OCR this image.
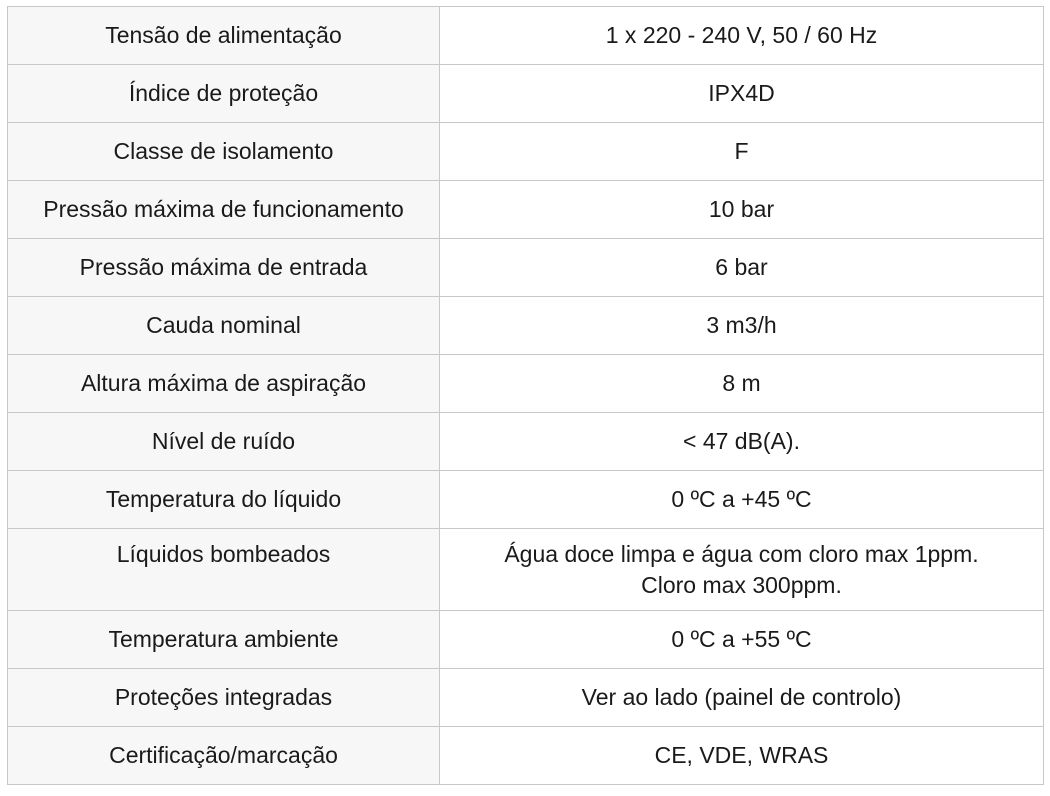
Tensão de alimentação	1 x 220 - 240 V, 50 / 60 Hz
Índice de proteção	IPX4D
Classe de isolamento	F
Pressão máxima de funcionamento	10 bar
Pressão máxima de entrada	6 bar
Cauda nominal	3 m3/h
Altura máxima de aspiração	8 m
Nível de ruído	< 47 dB(A).
Temperatura do líquido	0 ºC a +45 ºC
Líquidos bombeados	Água doce limpa e água com cloro max 1ppm.
Cloro max 300ppm.
Temperatura ambiente	0 ºC a +55 ºC
Proteções integradas	Ver ao lado (painel de controlo)
Certificação/marcação	CE, VDE, WRAS
